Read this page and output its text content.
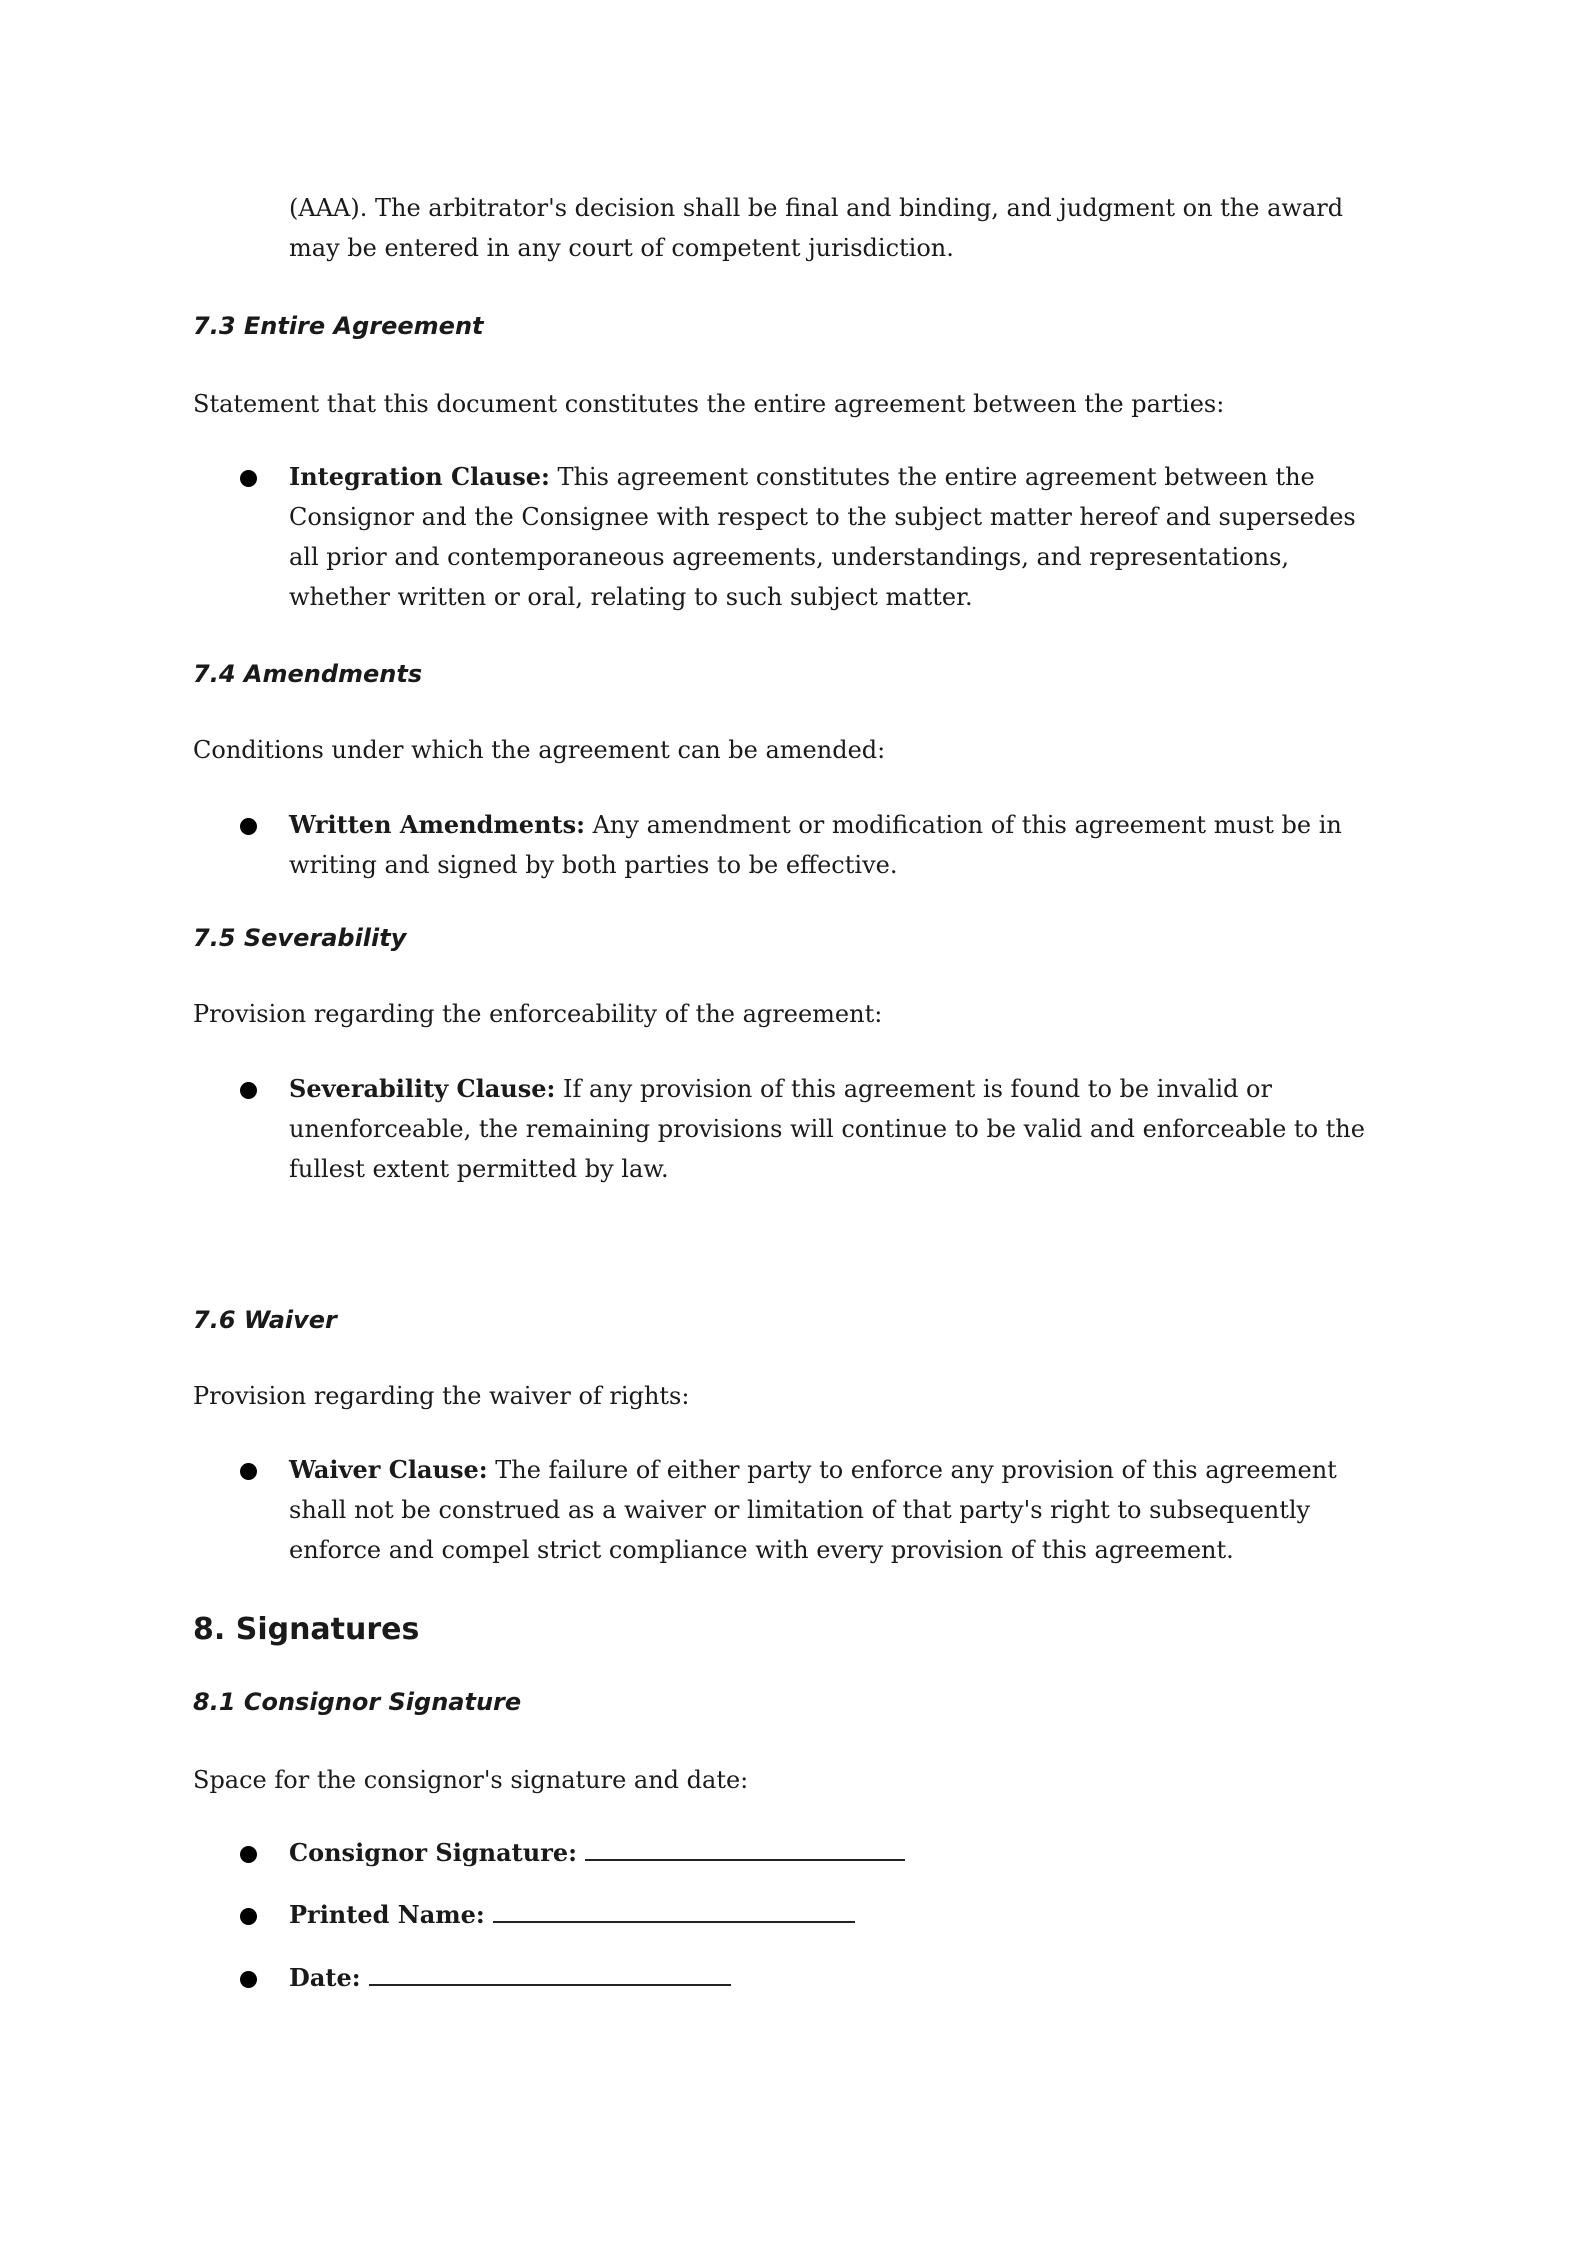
(AAA). The arbitrator's decision shall be final and binding, and judgment on the award may be entered in any court of competent jurisdiction.
7.3 Entire Agreement
Statement that this document constitutes the entire agreement between the parties:
Integration Clause: This agreement constitutes the entire agreement between the Consignor and the Consignee with respect to the subject matter hereof and supersedes all prior and contemporaneous agreements, understandings, and representations, whether written or oral, relating to such subject matter.
7.4 Amendments
Conditions under which the agreement can be amended:
Written Amendments: Any amendment or modification of this agreement must be in writing and signed by both parties to be effective.
7.5 Severability
Provision regarding the enforceability of the agreement:
Severability Clause: If any provision of this agreement is found to be invalid or unenforceable, the remaining provisions will continue to be valid and enforceable to the fullest extent permitted by law.
7.6 Waiver
Provision regarding the waiver of rights:
Waiver Clause: The failure of either party to enforce any provision of this agreement shall not be construed as a waiver or limitation of that party's right to subsequently enforce and compel strict compliance with every provision of this agreement.
8. Signatures
8.1 Consignor Signature
Space for the consignor's signature and date:
Consignor Signature:
Printed Name:
Date:
